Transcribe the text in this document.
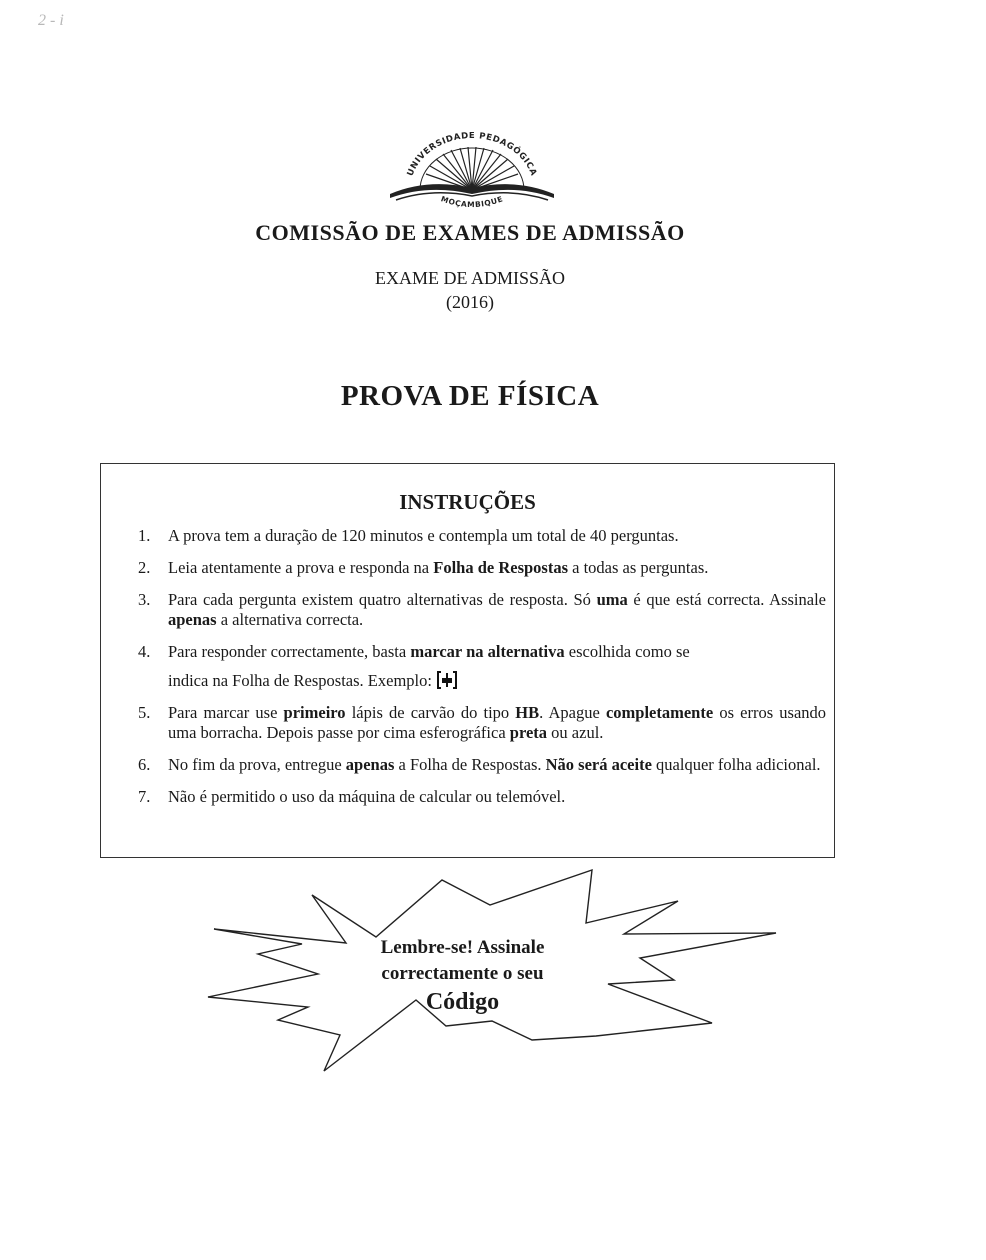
2 - i
UNIVERSIDADE PEDAGÓGICA
MOÇAMBIQUE
COMISSÃO DE EXAMES DE ADMISSÃO
EXAME DE ADMISSÃO
(2016)
PROVA DE FÍSICA
INSTRUÇÕES
1. A prova tem a duração de 120 minutos e contempla um total de 40 perguntas.
2. Leia atentamente a prova e responda na Folha de Respostas a todas as perguntas.
3. Para cada pergunta existem quatro alternativas de resposta. Só uma é que está correcta. Assinale apenas a alternativa correcta.
4. Para responder correctamente, basta marcar na alternativa escolhida como se
indica na Folha de Respostas. Exemplo:
5. Para marcar use primeiro lápis de carvão do tipo HB. Apague completamente os erros usando uma borracha. Depois passe por cima esferográfica preta ou azul.
6. No fim da prova, entregue apenas a Folha de Respostas. Não será aceite qualquer folha adicional.
7. Não é permitido o uso da máquina de calcular ou telemóvel.
Lembre-se! Assinale
correctamente o seu
Código
